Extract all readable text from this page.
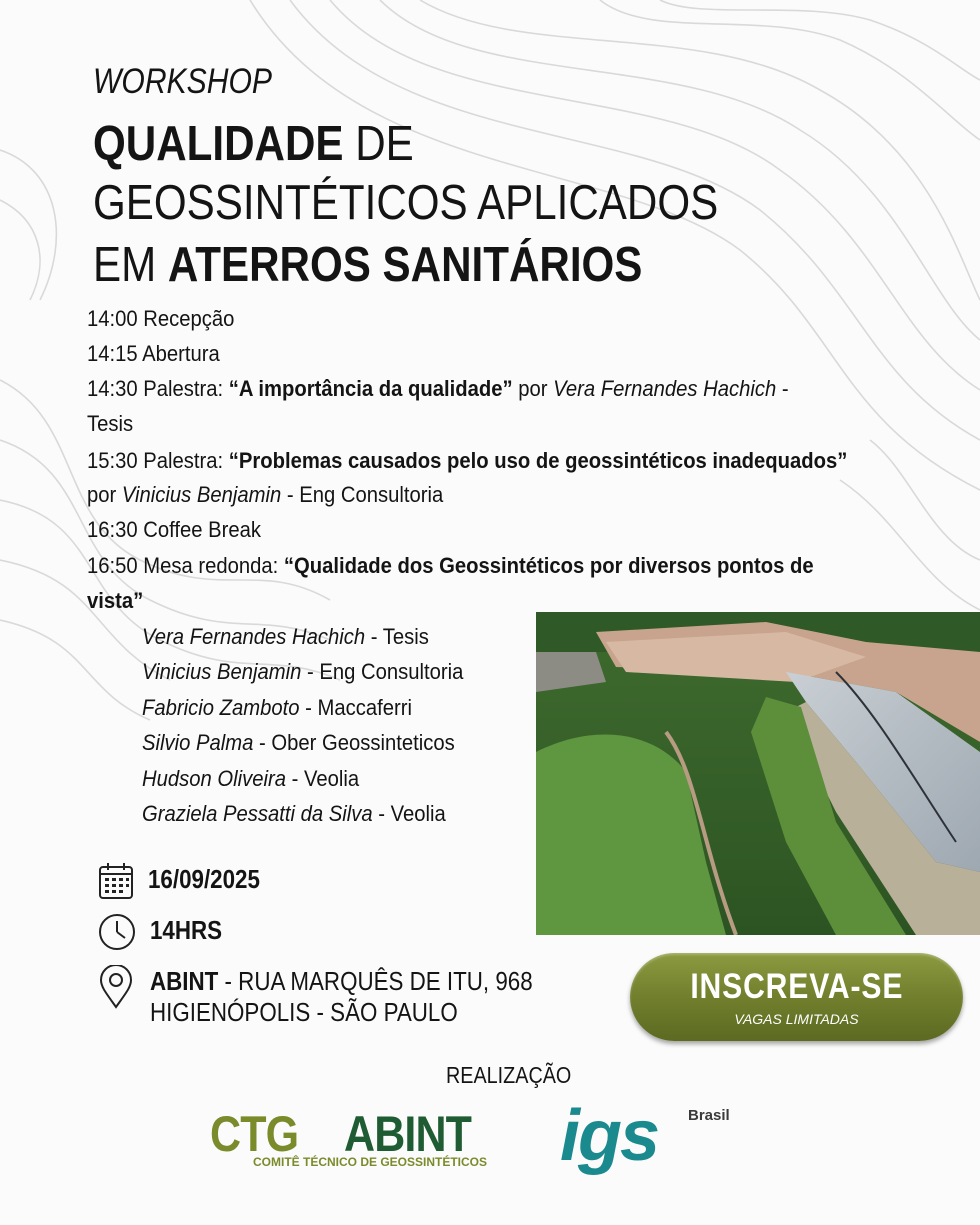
WORKSHOP
QUALIDADE DE
GEOSSINTÉTICOS APLICADOS
EM ATERROS SANITÁRIOS
14:00 Recepção
14:15 Abertura
14:30 Palestra: “A importância da qualidade” por Vera Fernandes Hachich -
Tesis
15:30 Palestra: “Problemas causados pelo uso de geossintéticos inadequados”
por Vinicius Benjamin - Eng Consultoria
16:30 Coffee Break
16:50 Mesa redonda: “Qualidade dos Geossintéticos por diversos pontos de
vista”
Vera Fernandes Hachich - Tesis
Vinicius Benjamin - Eng Consultoria
Fabricio Zamboto - Maccaferri
Silvio Palma - Ober Geossinteticos
Hudson Oliveira - Veolia
Graziela Pessatti da Silva - Veolia
16/09/2025
14HRS
ABINT - RUA MARQUÊS DE ITU, 968
HIGIENÓPOLIS - SÃO PAULO
INSCREVA-SE
VAGAS LIMITADAS
REALIZAÇÃO
CTG ABINT
COMITÊ TÉCNICO DE GEOSSINTÉTICOS	igs Brasil
